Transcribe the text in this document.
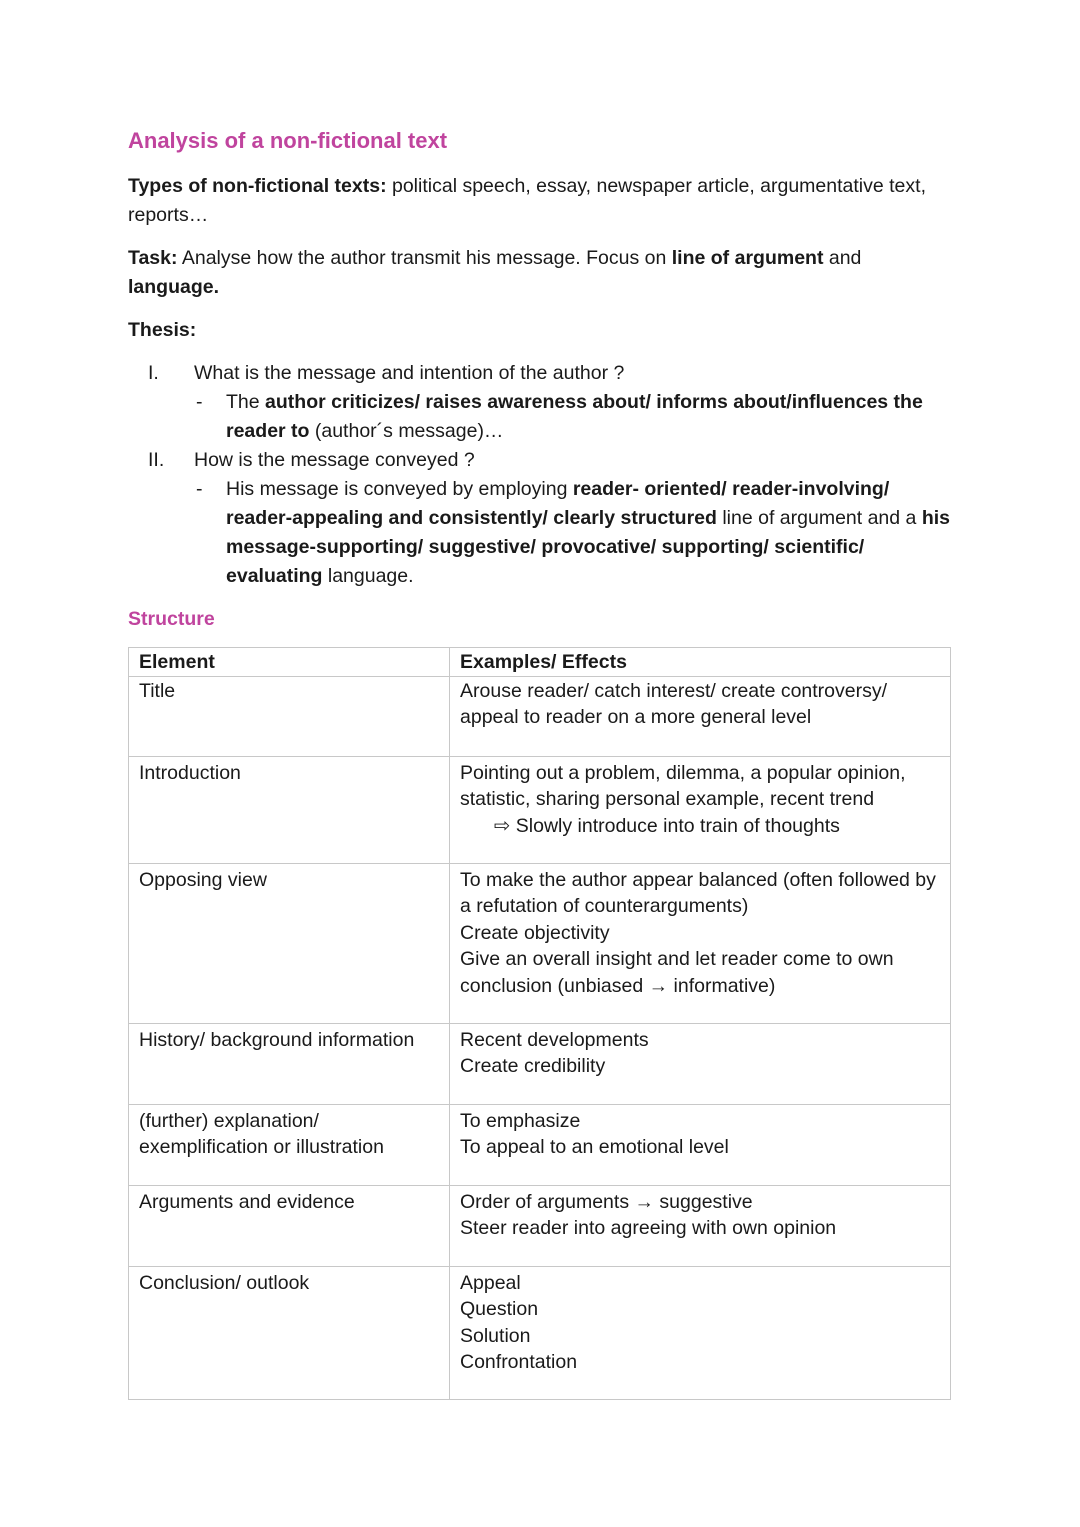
Analysis of a non-fictional text

Types of non-fictional texts: political speech, essay, newspaper article, argumentative text, reports…

Task: Analyse how the author transmit his message. Focus on line of argument and language.

Thesis:

I. What is the message and intention of the author ?
- The author criticizes/ raises awareness about/ informs about/influences the reader to (author´s message)…
II. How is the message conveyed ?
- His message is conveyed by employing reader- oriented/ reader-involving/ reader-appealing and consistently/ clearly structured line of argument and a his message-supporting/ suggestive/ provocative/ supporting/ scientific/ evaluating language.
Structure
Element	Examples/ Effects
Title	Arouse reader/ catch interest/ create controversy/ appeal to reader on a more general level

Introduction	Pointing out a problem, dilemma, a popular opinion, statistic, sharing personal example, recent trend
⇨ Slowly introduce into train of thoughts

Opposing view	To make the author appear balanced (often followed by a refutation of counterarguments)
Create objectivity
Give an overall insight and let reader come to own conclusion (unbiased → informative)

History/ background information	Recent developments
Create credibility

(further) explanation/ exemplification or illustration	To emphasize
To appeal to an emotional level

Arguments and evidence	Order of arguments → suggestive
Steer reader into agreeing with own opinion

Conclusion/ outlook	Appeal
Question
Solution
Confrontation
